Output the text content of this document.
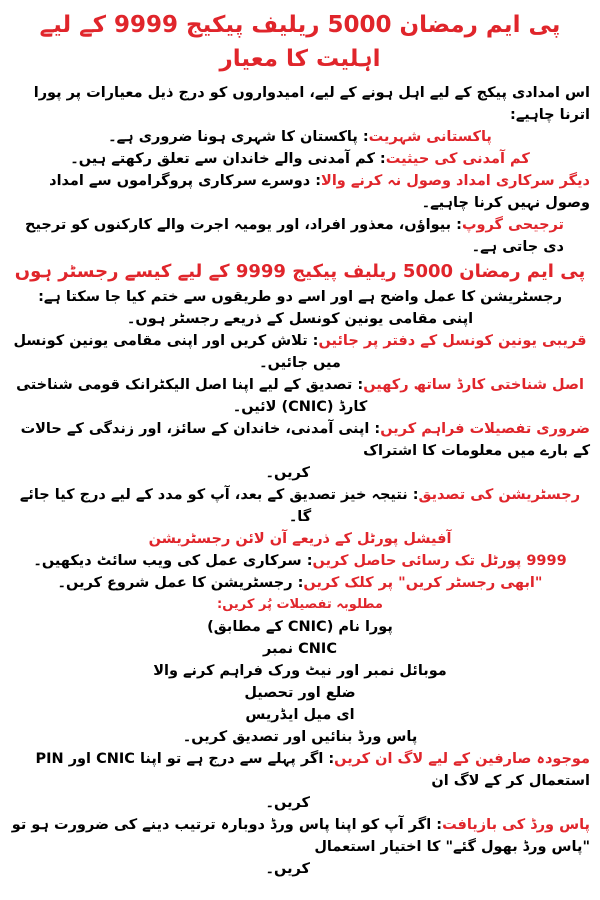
پی ایم رمضان 5000 ریلیف پیکیج 9999 کے لیے اہلیت کا معیار

اس امدادی پیکج کے لیے اہل ہونے کے لیے، امیدواروں کو درج ذیل معیارات پر پورا اترنا چاہیے:

پاکستانی شہریت: پاکستان کا شہری ہونا ضروری ہے۔

کم آمدنی کی حیثیت: کم آمدنی والے خاندان سے تعلق رکھتے ہیں۔

دیگر سرکاری امداد وصول نہ کرنے والا: دوسرے سرکاری پروگراموں سے امداد وصول نہیں کرنا چاہیے۔

ترجیحی گروپ: بیواؤں، معذور افراد، اور یومیہ اجرت والے کارکنوں کو ترجیح دی جاتی ہے۔

پی ایم رمضان 5000 ریلیف پیکیج 9999 کے لیے کیسے رجسٹر ہوں

رجسٹریشن کا عمل واضح ہے اور اسے دو طریقوں سے ختم کیا جا سکتا ہے:

اپنی مقامی یونین کونسل کے ذریعے رجسٹر ہوں۔

قریبی یونین کونسل کے دفتر پر جائیں: تلاش کریں اور اپنی مقامی یونین کونسل میں جائیں۔

اصل شناختی کارڈ ساتھ رکھیں: تصدیق کے لیے اپنا اصل الیکٹرانک قومی شناختی کارڈ (CNIC) لائیں۔

ضروری تفصیلات فراہم کریں: اپنی آمدنی، خاندان کے سائز، اور زندگی کے حالات کے بارے میں معلومات کا اشتراک

کریں۔

رجسٹریشن کی تصدیق: نتیجہ خیز تصدیق کے بعد، آپ کو مدد کے لیے درج کیا جائے گا۔

آفیشل پورٹل کے ذریعے آن لائن رجسٹریشن

9999 پورٹل تک رسائی حاصل کریں: سرکاری عمل کی ویب سائٹ دیکھیں۔

"ابھی رجسٹر کریں" پر کلک کریں: رجسٹریشن کا عمل شروع کریں۔

مطلوبہ تفصیلات پُر کریں:

پورا نام (CNIC کے مطابق)

CNIC نمبر

موبائل نمبر اور نیٹ ورک فراہم کرنے والا

ضلع اور تحصیل

ای میل ایڈریس

پاس ورڈ بنائیں اور تصدیق کریں۔

موجودہ صارفین کے لیے لاگ ان کریں: اگر پہلے سے درج ہے تو اپنا CNIC اور PIN استعمال کر کے لاگ ان

کریں۔

پاس ورڈ کی بازیافت: اگر آپ کو اپنا پاس ورڈ دوبارہ ترتیب دینے کی ضرورت ہو تو "پاس ورڈ بھول گئے" کا اختیار استعمال

کریں۔
